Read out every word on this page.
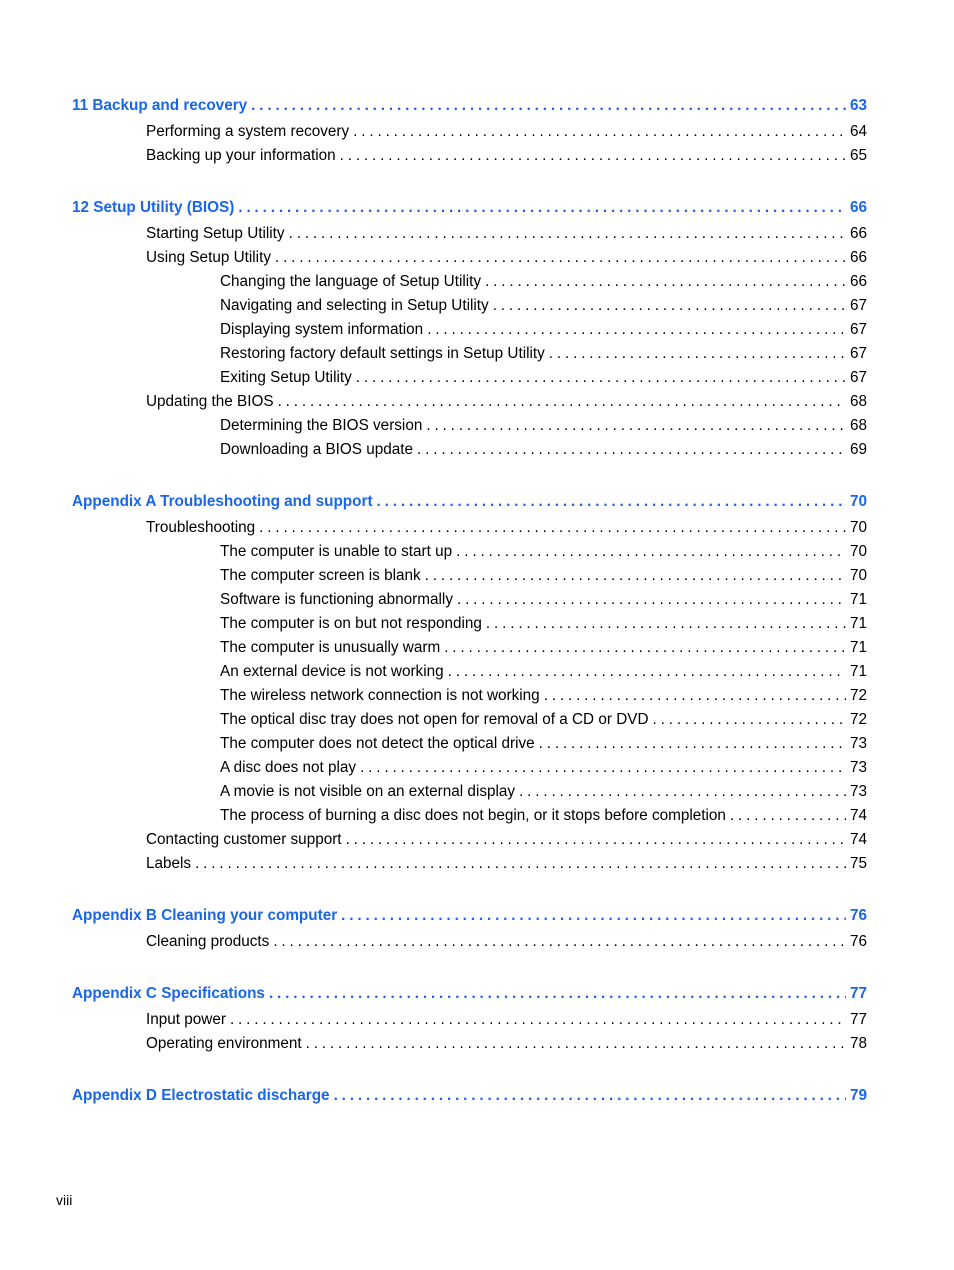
11 Backup and recovery . . .	63
Performing a system recovery . . .	64
Backing up your information . . .	65
12 Setup Utility (BIOS) . . .	66
Starting Setup Utility . . .	66
Using Setup Utility . . .	66
Changing the language of Setup Utility . . .	66
Navigating and selecting in Setup Utility . . .	67
Displaying system information . . .	67
Restoring factory default settings in Setup Utility . . .	67
Exiting Setup Utility . . .	67
Updating the BIOS . . .	68
Determining the BIOS version . . .	68
Downloading a BIOS update . . .	69
Appendix A Troubleshooting and support . . .	70
Troubleshooting . . .	70
The computer is unable to start up . . .	70
The computer screen is blank . . .	70
Software is functioning abnormally . . .	71
The computer is on but not responding . . .	71
The computer is unusually warm . . .	71
An external device is not working . . .	71
The wireless network connection is not working . . .	72
The optical disc tray does not open for removal of a CD or DVD . . .	72
The computer does not detect the optical drive . . .	73
A disc does not play . . .	73
A movie is not visible on an external display . . .	73
The process of burning a disc does not begin, or it stops before completion . . .	74
Contacting customer support . . .	74
Labels . . .	75
Appendix B Cleaning your computer . . .	76
Cleaning products . . .	76
Appendix C Specifications . . .	77
Input power . . .	77
Operating environment . . .	78
Appendix D Electrostatic discharge . . .	79
viii
